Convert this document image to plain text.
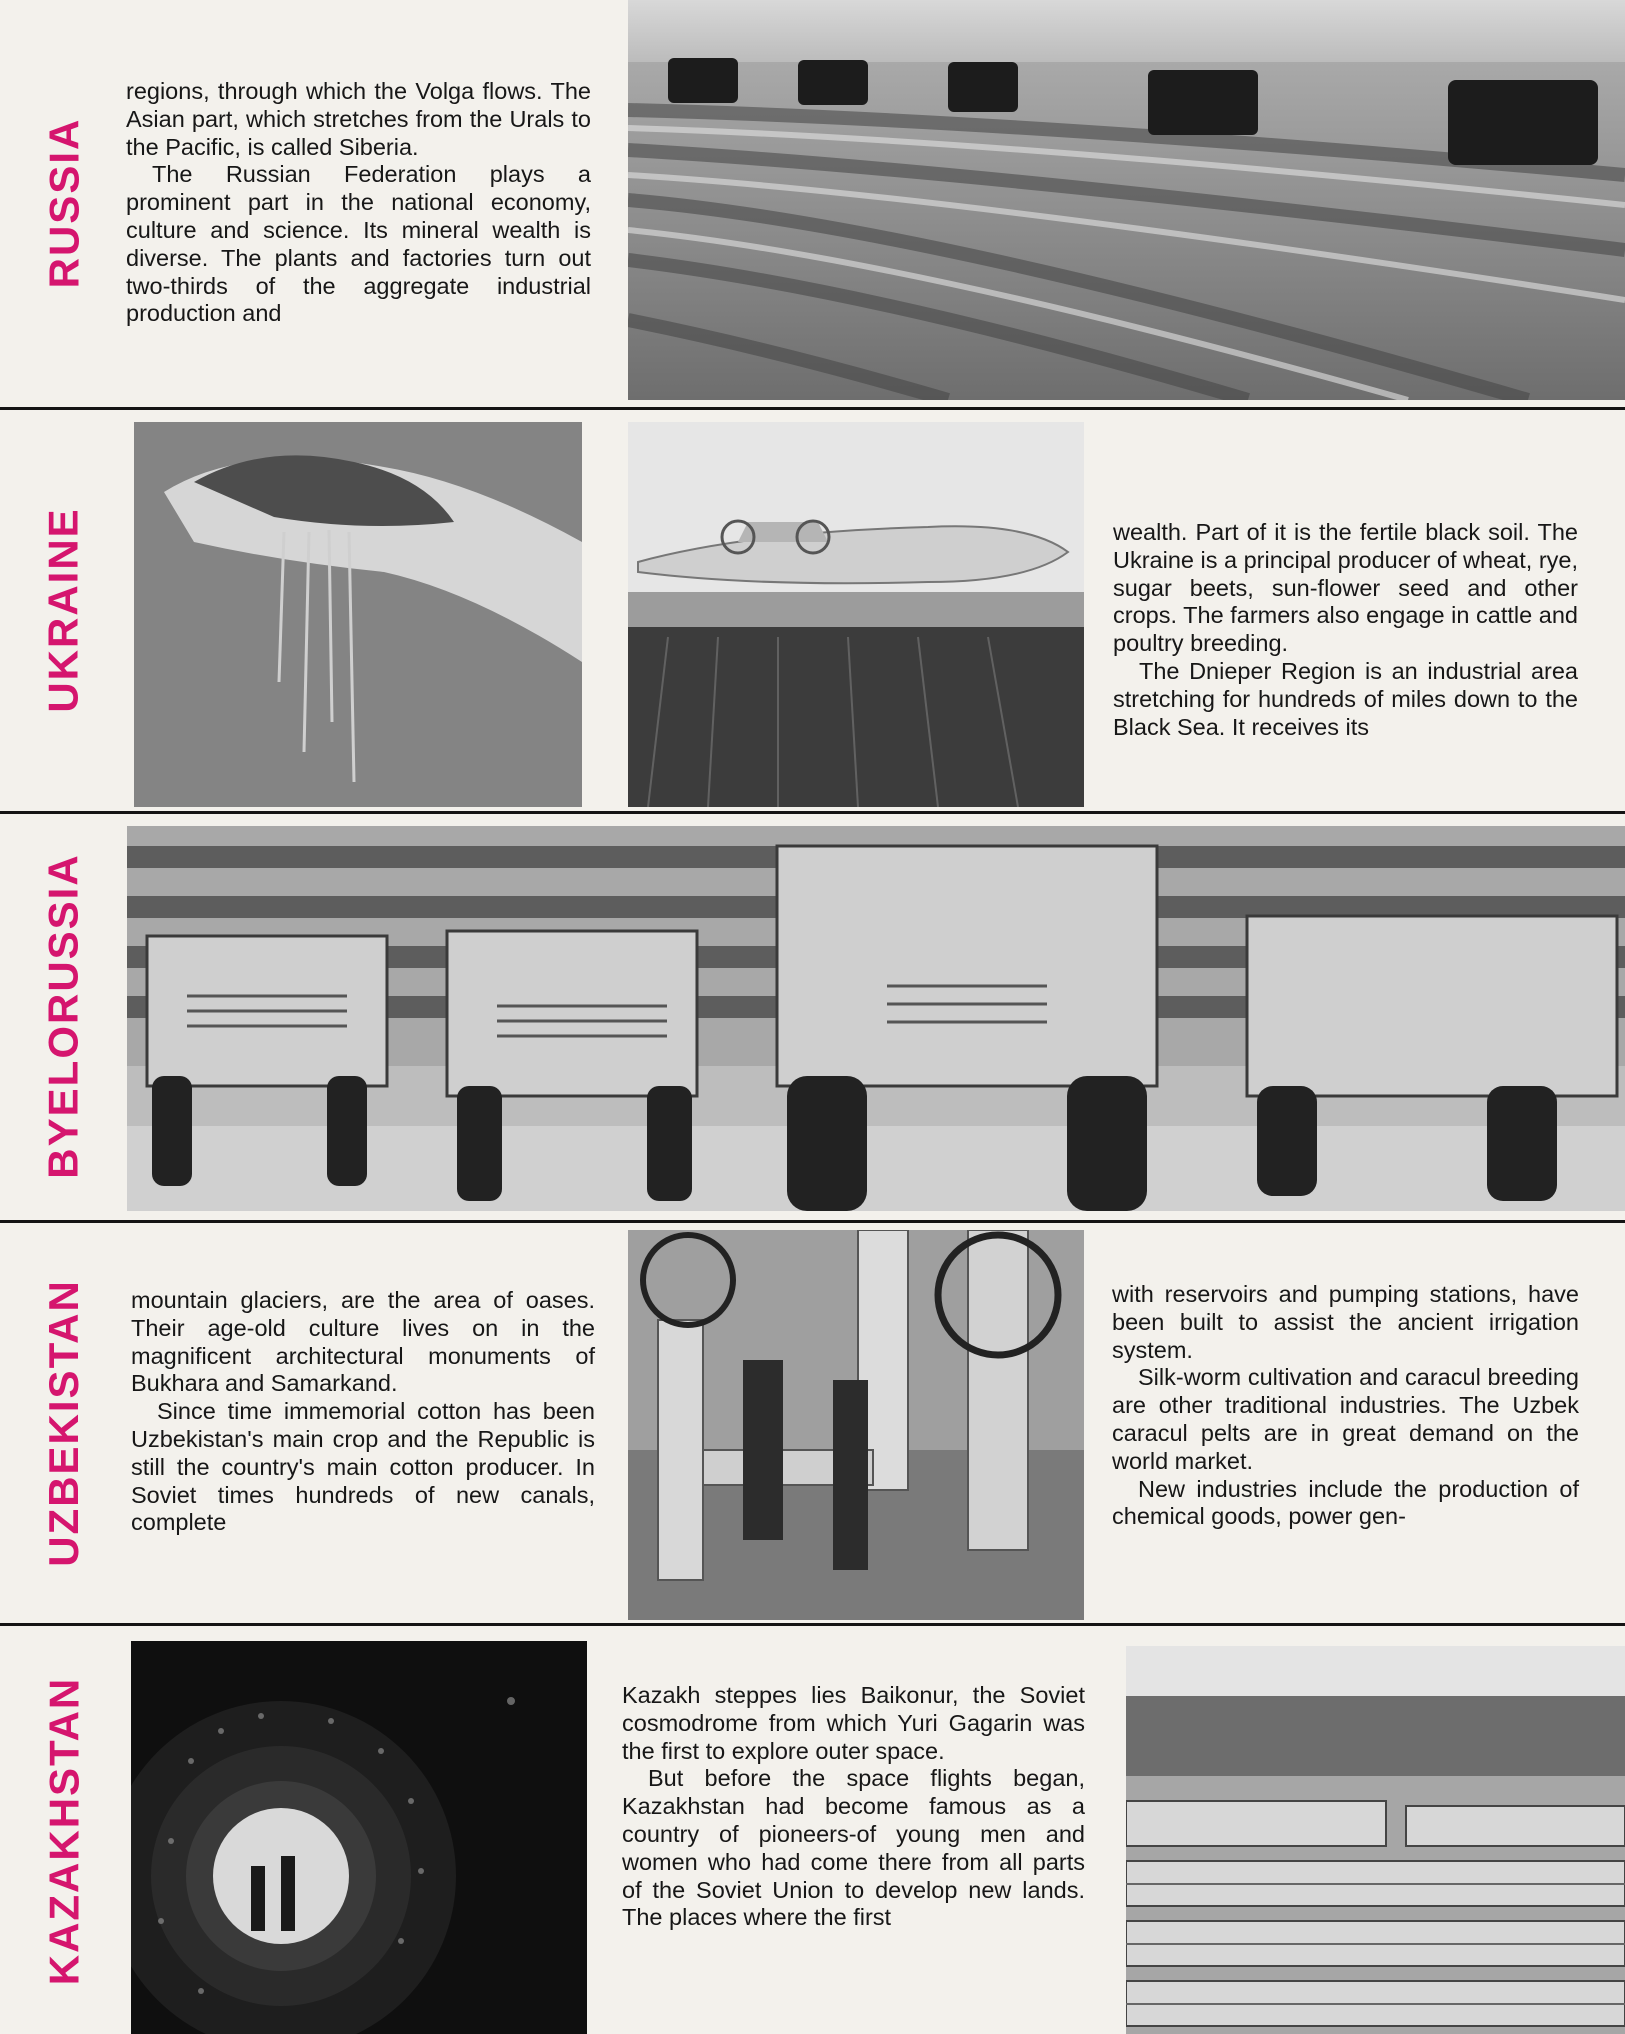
RUSSIA

regions, through which the Volga flows. The Asian part, which stretches from the Urals to the Pacific, is called Siberia.

The Russian Federation plays a prominent part in the national economy, culture and science. Its mineral wealth is diverse. The plants and factories turn out two-thirds of the aggregate industrial production and

UKRAINE	wealth. Part of it is the fertile black soil. The Ukraine is a principal producer of wheat, rye, sugar beets, sun-flower seed and other crops. The farmers also engage in cattle and poultry breeding.

The Dnieper Region is an industrial area stretching for hundreds of miles down to the Black Sea. It receives its

BYELORUSSIA
UZBEKISTAN mountain glaciers, are the area of oases. Their age-old culture lives on in the magnificent architectural monuments of Bukhara and Samarkand.

Since time immemorial cotton has been Uzbekistan's main crop and the Republic is still the country's main cotton producer. In Soviet times hundreds of new canals, complete

with reservoirs and pumping stations, have been built to assist the ancient irrigation system.

Silk-worm cultivation and caracul breeding are other traditional industries. The Uzbek caracul pelts are in great demand on the world market.

New industries include the production of chemical goods, power gen-

KAZAKHSTAN	Kazakh steppes lies Baikonur, the Soviet cosmodrome from which Yuri Gagarin was the first to explore outer space.

But before the space flights began, Kazakhstan had become famous as a country of pioneers-of young men and women who had come there from all parts of the Soviet Union to develop new lands. The places where the first
